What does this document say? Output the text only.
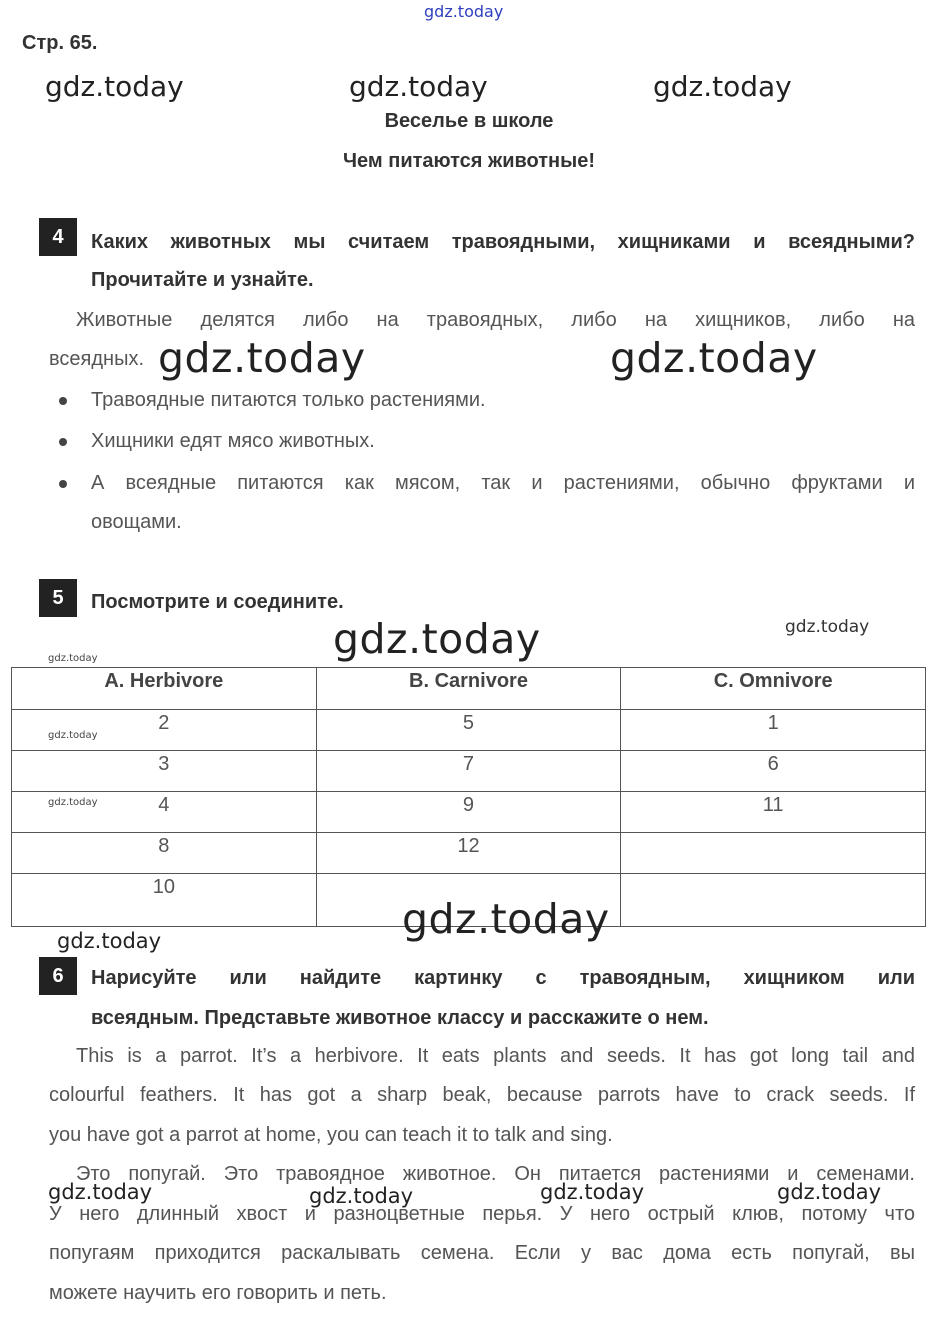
gdz.today
Стр. 65.
gdz.today	gdz.today	gdz.today
Веселье в школе
Чем питаются животные!
4	Каких животных мы считаем травоядными, хищниками и всеядными?
Прочитайте и узнайте.
Животные делятся либо на травоядных, либо на хищников, либо на
всеядных. gdz.today	gdz.today
Травоядные питаются только растениями.
Хищники едят мясо животных.
А всеядные питаются как мясом, так и растениями, обычно фруктами и
овощами.
5	Посмотрите и соедините.
gdz.today	gdz.today
gdz.today
A. Herbivore	B. Carnivore	C. Omnivore
2	5	1
3	7	6
4	9	11
8	12	
10		
gdz.today
gdz.today
gdz.today
gdz.today
6	Нарисуйте или найдите картинку с травоядным, хищником или
всеядным. Представьте животное классу и расскажите о нем.
This is a parrot. It’s a herbivore. It eats plants and seeds. It has got long tail and
colourful feathers. It has got a sharp beak, because parrots have to crack seeds. If
you have got a parrot at home, you can teach it to talk and sing.
Это попугай. Это травоядное животное. Он питается растениями и семенами.
У него длинный хвост и разноцветные перья. У него острый клюв, потому что
попугаям приходится раскалывать семена. Если у вас дома есть попугай, вы
можете научить его говорить и петь.
gdz.today	gdz.today	gdz.today	gdz.today
